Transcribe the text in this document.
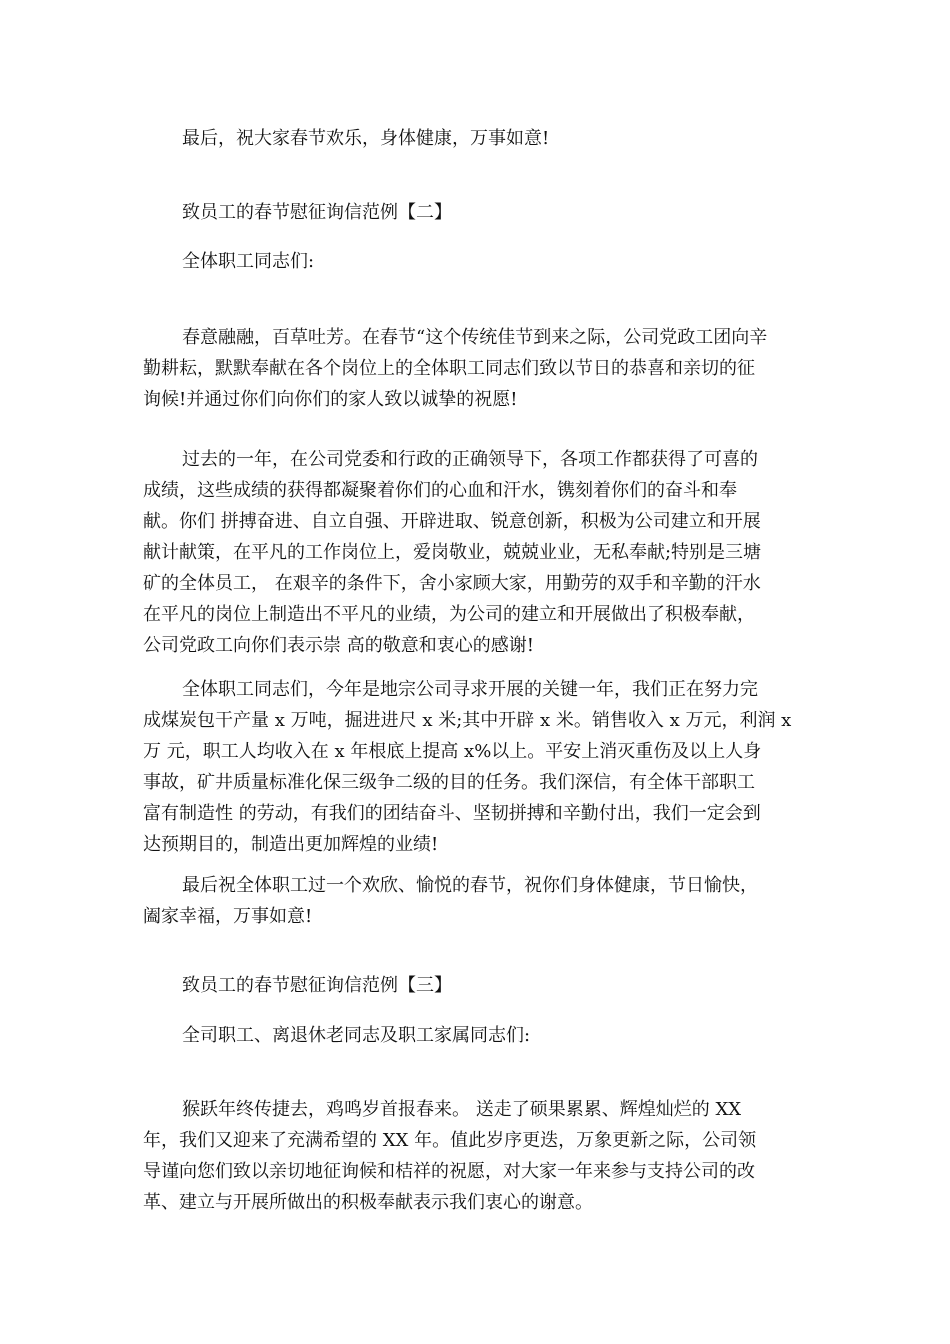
最后，祝大家春节欢乐，身体健康，万事如意!
致员工的春节慰征询信范例【二】
全体职工同志们:
春意融融，百草吐芳。在春节“这个传统佳节到来之际，公司党政工团向辛
勤耕耘，默默奉献在各个岗位上的全体职工同志们致以节日的恭喜和亲切的征
询候!并通过你们向你们的家人致以诚挚的祝愿!
过去的一年，在公司党委和行政的正确领导下，各项工作都获得了可喜的
成绩，这些成绩的获得都凝聚着你们的心血和汗水，镌刻着你们的奋斗和奉
献。你们 拼搏奋进、自立自强、开辟进取、锐意创新，积极为公司建立和开展
献计献策，在平凡的工作岗位上，爱岗敬业，兢兢业业，无私奉献;特别是三塘
矿的全体员工， 在艰辛的条件下，舍小家顾大家，用勤劳的双手和辛勤的汗水
在平凡的岗位上制造出不平凡的业绩，为公司的建立和开展做出了积极奉献，
公司党政工向你们表示崇 高的敬意和衷心的感谢!
全体职工同志们，今年是地宗公司寻求开展的关键一年，我们正在努力完
成煤炭包干产量 x 万吨，掘进进尺 x 米;其中开辟 x 米。销售收入 x 万元，利润 x
万 元，职工人均收入在 x 年根底上提高 x%以上。平安上消灭重伤及以上人身
事故，矿井质量标准化保三级争二级的目的任务。我们深信，有全体干部职工
富有制造性 的劳动，有我们的团结奋斗、坚韧拼搏和辛勤付出，我们一定会到
达预期目的，制造出更加辉煌的业绩!
最后祝全体职工过一个欢欣、愉悦的春节，祝你们身体健康，节日愉快，
阖家幸福，万事如意!
致员工的春节慰征询信范例【三】
全司职工、离退休老同志及职工家属同志们:
猴跃年终传捷去，鸡鸣岁首报春来。 送走了硕果累累、辉煌灿烂的 XX
年，我们又迎来了充满希望的 XX 年。值此岁序更迭，万象更新之际，公司领
导谨向您们致以亲切地征询候和桔祥的祝愿，对大家一年来参与支持公司的改
革、建立与开展所做出的积极奉献表示我们衷心的谢意。
